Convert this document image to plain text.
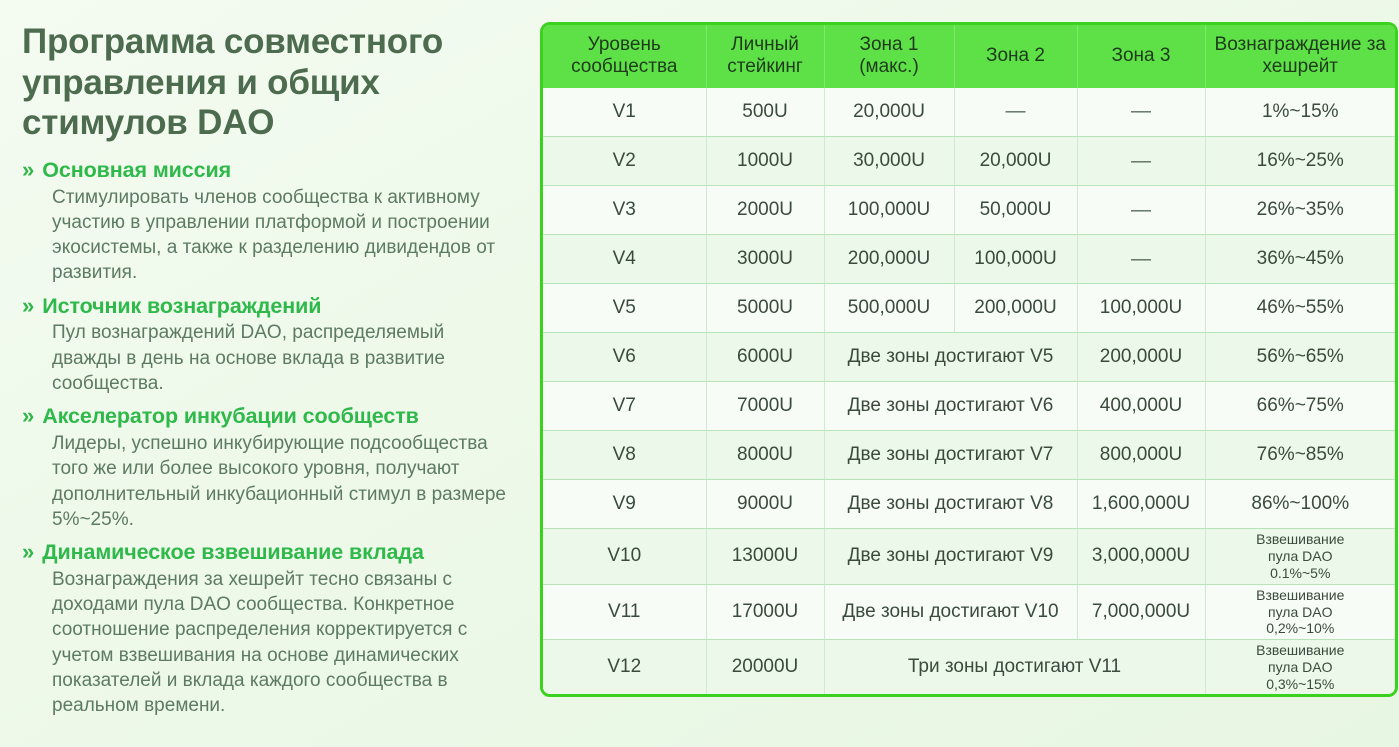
Программа совместного управления и общих стимулов DAO
» Основная миссия

Стимулировать членов сообщества к активному участию в управлении платформой и построении экосистемы, а также к разделению дивидендов от развития.

» Источник вознаграждений

Пул вознаграждений DAO, распределяемый дважды в день на основе вклада в развитие сообщества.

» Акселератор инкубации сообществ

Лидеры, успешно инкубирующие подсообщества того же или более высокого уровня, получают дополнительный инкубационный стимул в размере 5%~25%.

» Динамическое взвешивание вклада

Вознаграждения за хешрейт тесно связаны с доходами пула DAO сообщества. Конкретное соотношение распределения корректируется с учетом взвешивания на основе динамических показателей и вклада каждого сообщества в реальном времени.

Уровень сообщества	Личный стейкинг	Зона 1 (макс.)	Зона 2	Зона 3	Вознаграждение за хешрейт
V1	500U	20,000U	—	—	1%~15%
V2	1000U	30,000U	20,000U	—	16%~25%
V3	2000U	100,000U	50,000U	—	26%~35%
V4	3000U	200,000U	100,000U	—	36%~45%
V5	5000U	500,000U	200,000U	100,000U	46%~55%
V6	6000U	Две зоны достигают V5		200,000U	56%~65%
V7	7000U	Две зоны достигают V6		400,000U	66%~75%
V8	8000U	Две зоны достигают V7		800,000U	76%~85%
V9	9000U	Две зоны достигают V8		1,600,000U	86%~100%
V10	13000U	Две зоны достигают V9		3,000,000U	Взвешивание
пула DAO
0.1%~5%

V11	17000U	Две зоны достигают V10		7,000,000U	Взвешивание
пула DAO
0,2%~10%

V12	20000U	Три зоны достигают V11			Взвешивание
пула DAO
0,3%~15%
